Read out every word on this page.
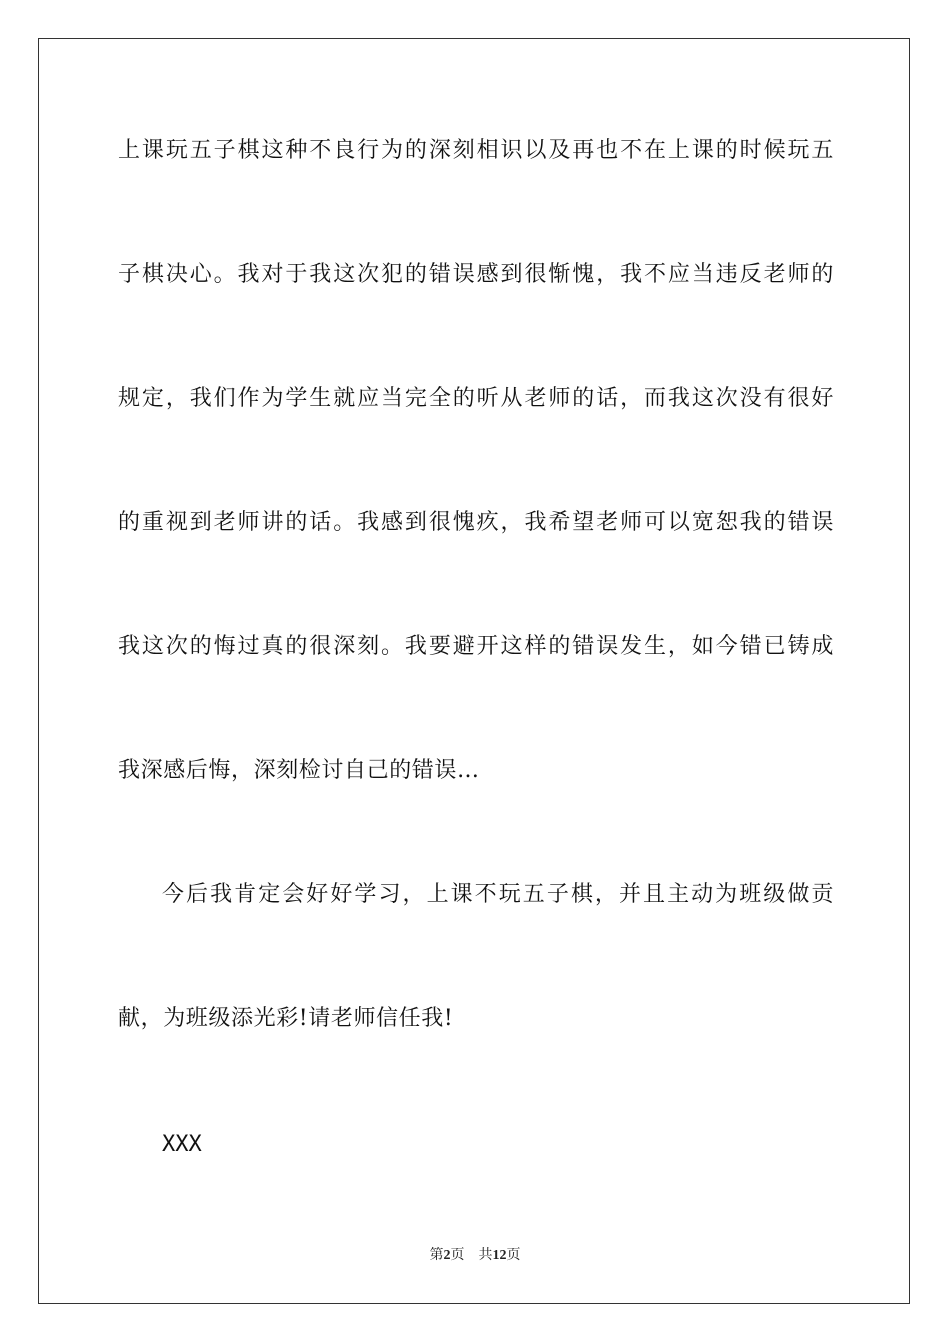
上课玩五子棋这种不良行为的深刻相识以及再也不在上课的时候玩五
子棋决心。我对于我这次犯的错误感到很惭愧，我不应当违反老师的
规定，我们作为学生就应当完全的听从老师的话，而我这次没有很好
的重视到老师讲的话。我感到很愧疚，我希望老师可以宽恕我的错误
我这次的悔过真的很深刻。我要避开这样的错误发生，如今错已铸成
我深感后悔，深刻检讨自己的错误…
今后我肯定会好好学习，上课不玩五子棋，并且主动为班级做贡
献，为班级添光彩!请老师信任我!
XXX
第2页 共12页
